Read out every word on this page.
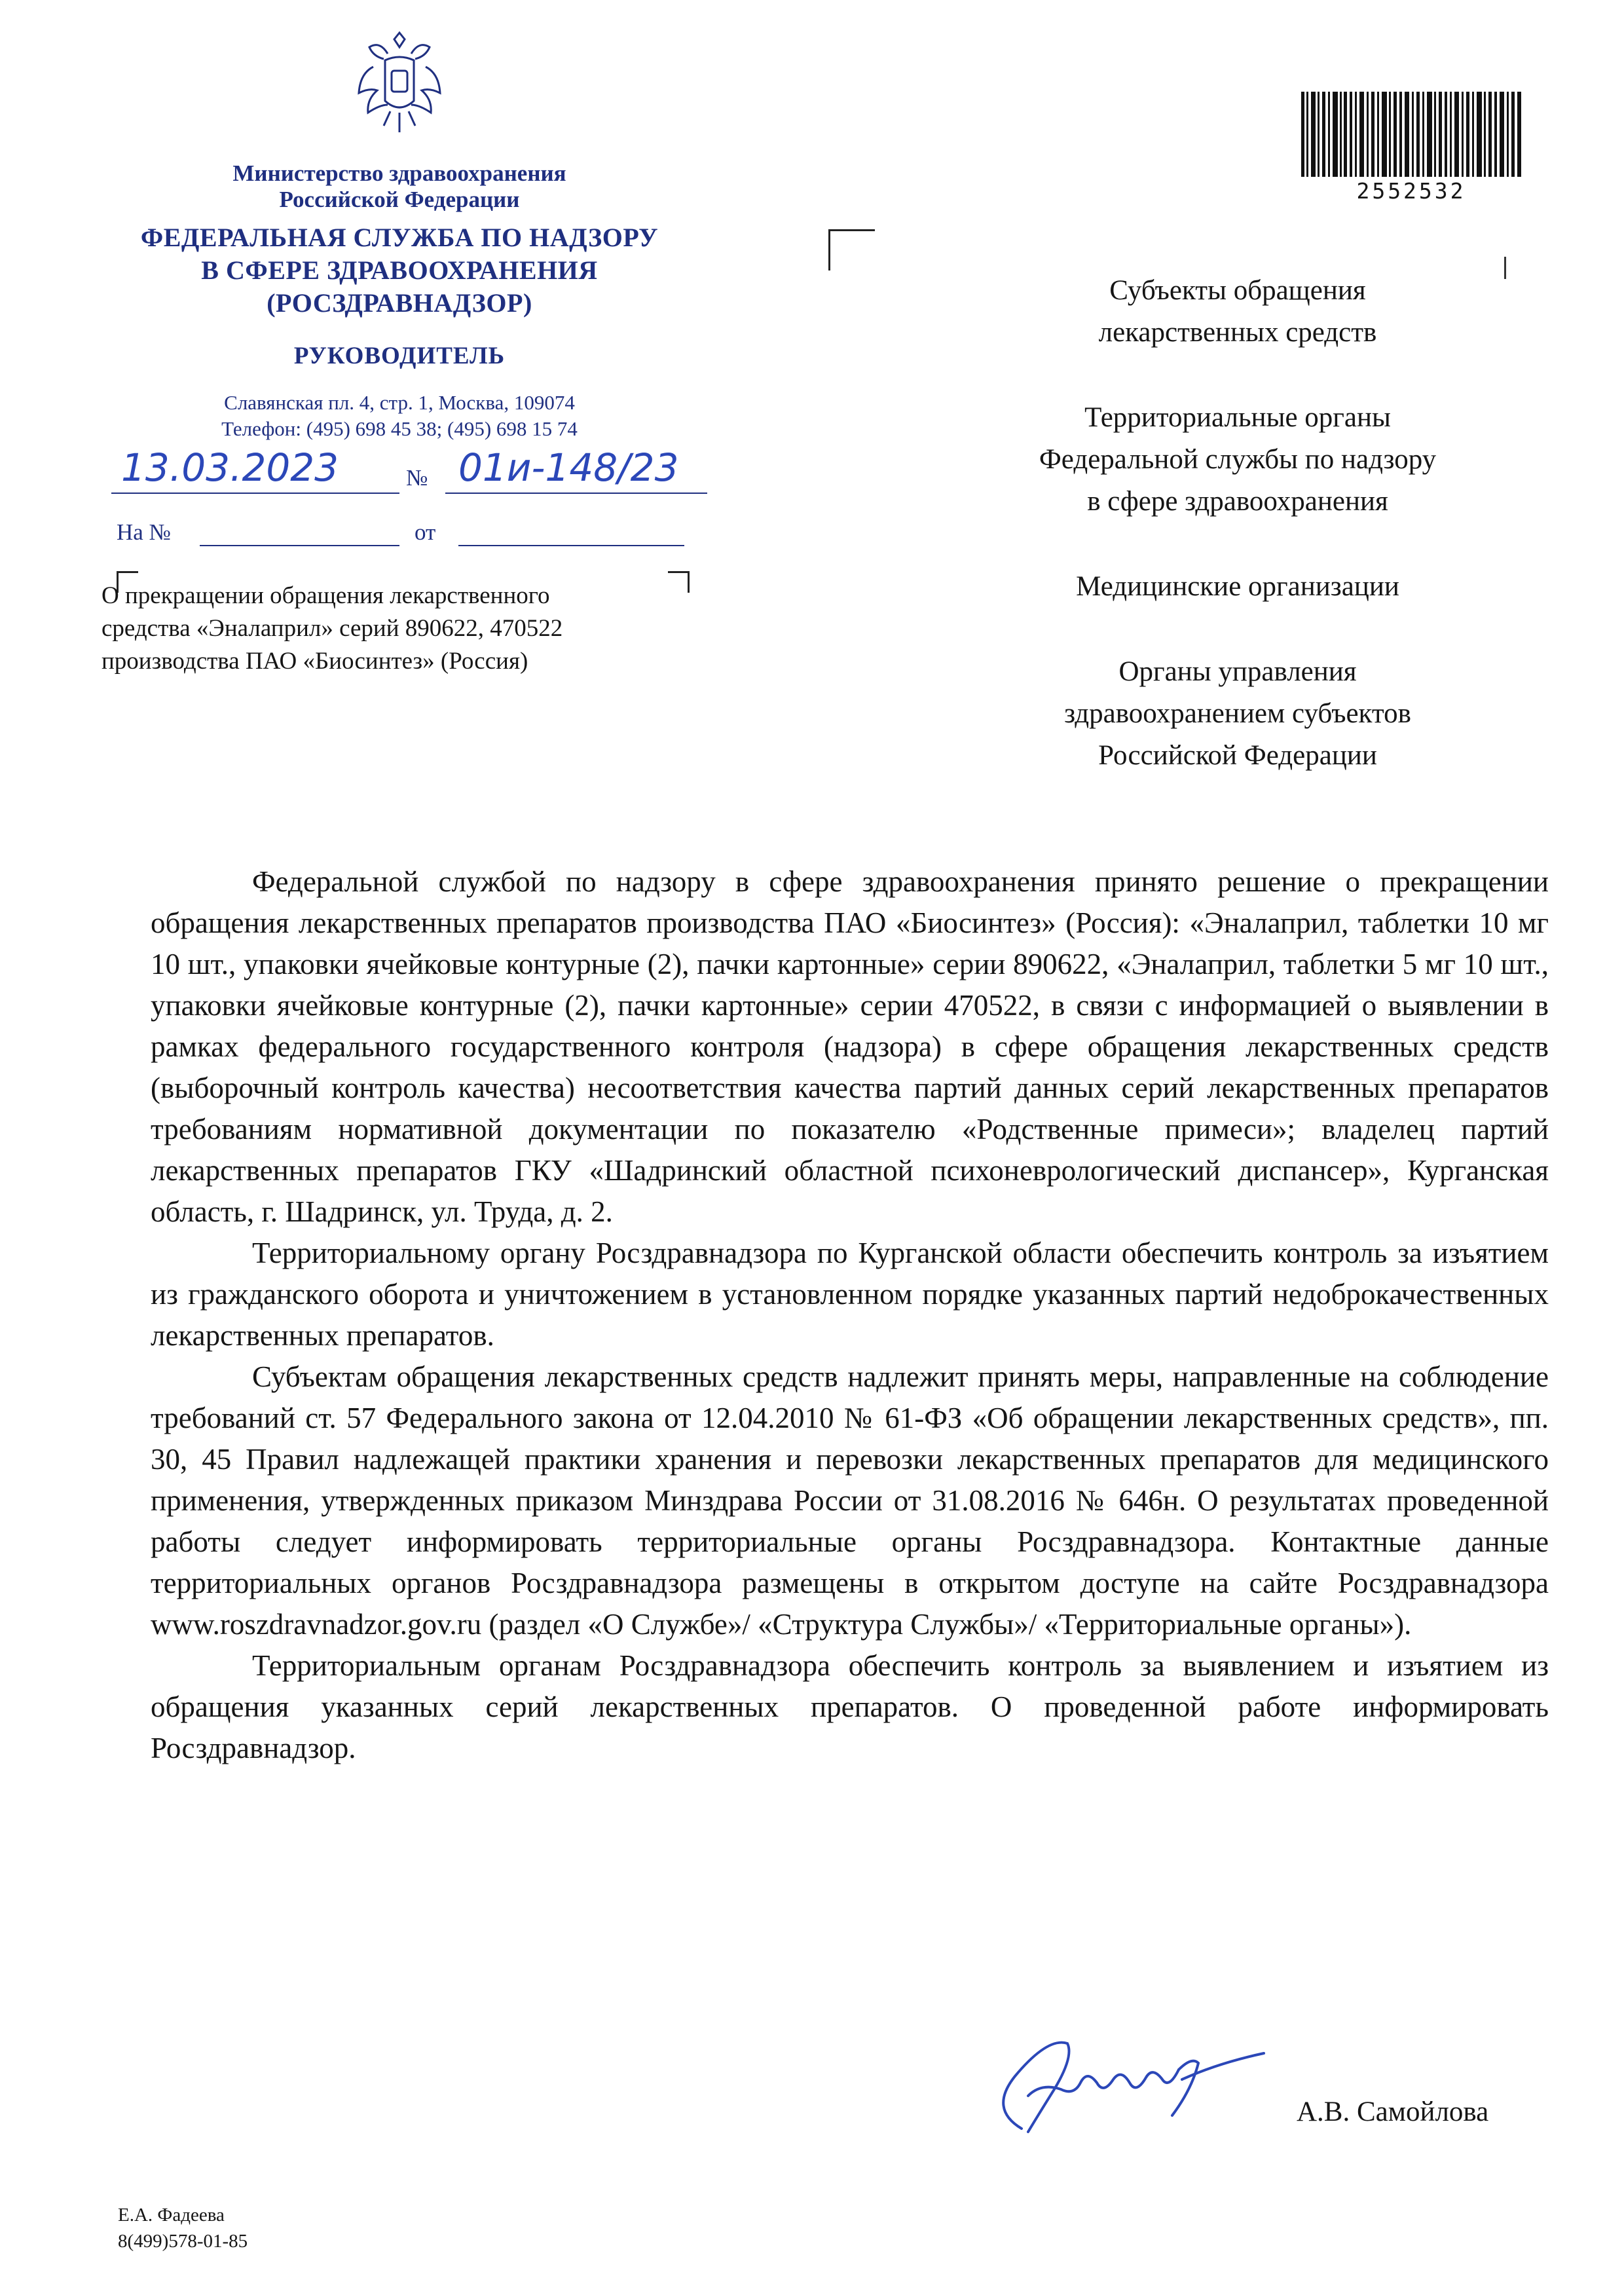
Министерство здравоохранения
Российской Федерации
ФЕДЕРАЛЬНАЯ СЛУЖБА ПО НАДЗОРУ
В СФЕРЕ ЗДРАВООХРАНЕНИЯ
(РОСЗДРАВНАДЗОР)
РУКОВОДИТЕЛЬ
Славянская пл. 4, стр. 1, Москва, 109074
Телефон: (495) 698 45 38; (495) 698 15 74
13.03.2023	№ 01и-148/23
На №	от
О прекращении обращения лекарственного
средства «Эналаприл» серий 890622, 470522
производства ПАО «Биосинтез» (Россия)
2552532
Субъекты обращения
лекарственных средств
Территориальные органы
Федеральной службы по надзору
в сфере здравоохранения
Медицинские организации
Органы управления
здравоохранением субъектов
Российской Федерации

Федеральной службой по надзору в сфере здравоохранения принято решение о прекращении обращения лекарственных препаратов производства ПАО «Биосинтез» (Россия): «Эналаприл, таблетки 10 мг 10 шт., упаковки ячейковые контурные (2), пачки картонные» серии 890622, «Эналаприл, таблетки 5 мг 10 шт., упаковки ячейковые контурные (2), пачки картонные» серии 470522, в связи с информацией о выявлении в рамках федерального государственного контроля (надзора) в сфере обращения лекарственных средств (выборочный контроль качества) несоответствия качества партий данных серий лекарственных препаратов требованиям нормативной документации по показателю «Родственные примеси»; владелец партий лекарственных препаратов ГКУ «Шадринский областной психоневрологический диспансер», Курганская область, г. Шадринск, ул. Труда, д. 2.

Территориальному органу Росздравнадзора по Курганской области обеспечить контроль за изъятием из гражданского оборота и уничтожением в установленном порядке указанных партий недоброкачественных лекарственных препаратов.

Субъектам обращения лекарственных средств надлежит принять меры, направленные на соблюдение требований ст. 57 Федерального закона от 12.04.2010 № 61-ФЗ «Об обращении лекарственных средств», пп. 30, 45 Правил надлежащей практики хранения и перевозки лекарственных препаратов для медицинского применения, утвержденных приказом Минздрава России от 31.08.2016 № 646н. О результатах проведенной работы следует информировать территориальные органы Росздравнадзора. Контактные данные территориальных органов Росздравнадзора размещены в открытом доступе на сайте Росздравнадзора www.roszdravnadzor.gov.ru (раздел «О Службе»/ «Структура Службы»/ «Территориальные органы»).

Территориальным органам Росздравнадзора обеспечить контроль за выявлением и изъятием из обращения указанных серий лекарственных препаратов. О проведенной работе информировать Росздравнадзор.

А.В. Самойлова
Е.А. Фадеева
8(499)578-01-85
